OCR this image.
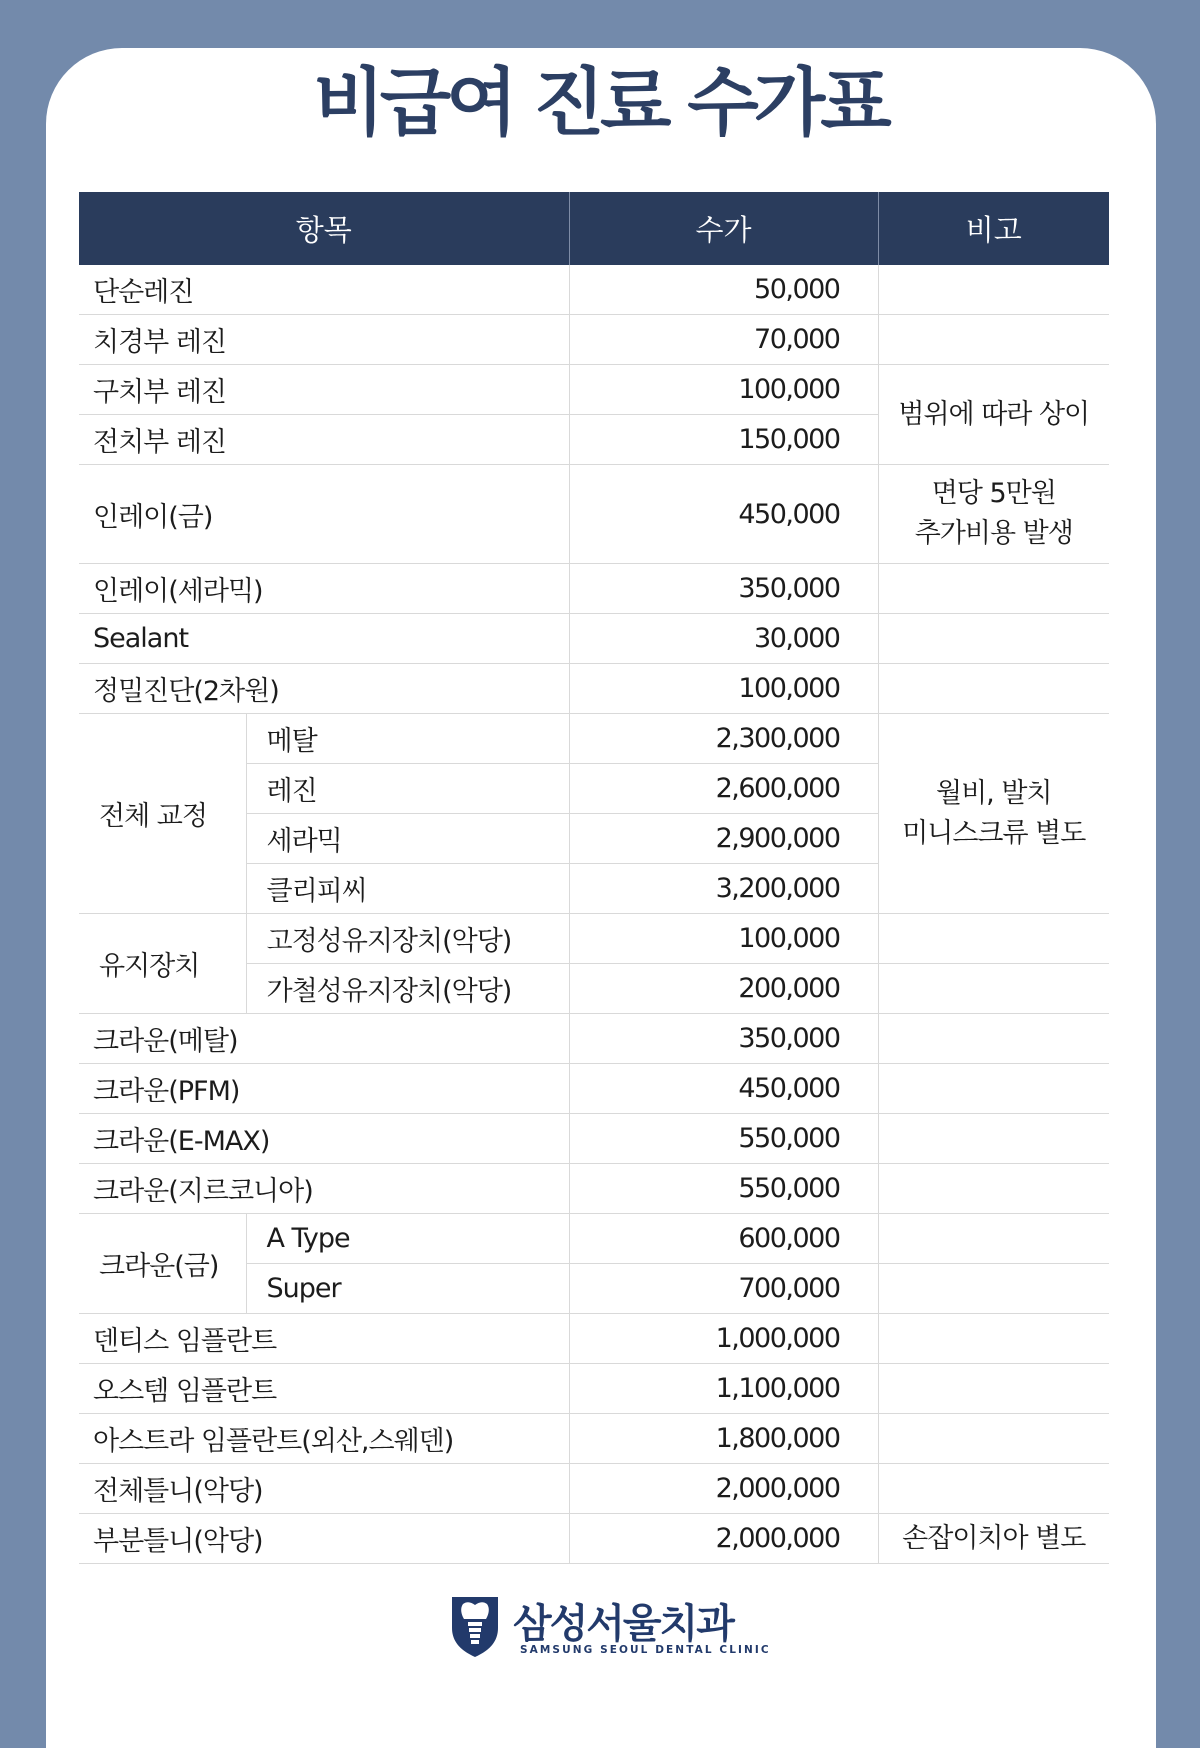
비급여 진료 수가표
항목		수가	비고
단순레진		50,000	
치경부 레진		70,000	
구치부 레진		100,000	범위에 따라 상이
전치부 레진		150,000	
인레이(금)		450,000	면당 5만원
추가비용 발생
인레이(세라믹)		350,000	
Sealant		30,000	
정밀진단(2차원)		100,000	
전체 교정	메탈	2,300,000	월비, 발치
미니스크류 별도
	레진	2,600,000	
	세라믹	2,900,000	
	클리피씨	3,200,000	
유지장치	고정성유지장치(악당)	100,000	
	가철성유지장치(악당)	200,000	
크라운(메탈)		350,000	
크라운(PFM)		450,000	
크라운(E-MAX)		550,000	
크라운(지르코니아)		550,000	
크라운(금)	A Type	600,000	
	Super	700,000	
덴티스 임플란트		1,000,000	
오스템 임플란트		1,100,000	
아스트라 임플란트(외산,스웨덴)		1,800,000	
전체틀니(악당)		2,000,000	
부분틀니(악당)		2,000,000	손잡이치아 별도
삼성서울치과
SAMSUNG SEOUL DENTAL CLINIC
